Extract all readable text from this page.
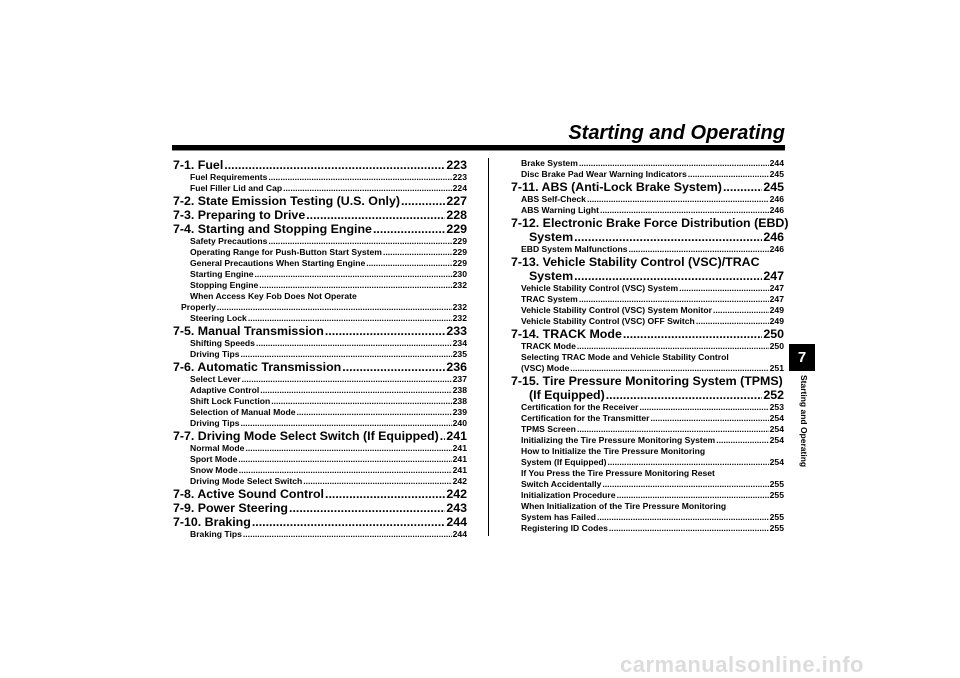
Starting and Operating
7-1. Fuel .....	223
Fuel Requirements .....	223
Fuel Filler Lid and Cap .....	224
7-2. State Emission Testing (U.S. Only) .....	227
7-3. Preparing to Drive .....	228
7-4. Starting and Stopping Engine .....	229
Safety Precautions .....	229
Operating Range for Push-Button Start System .....	229
General Precautions When Starting Engine .....	229
Starting Engine .....	230
Stopping Engine .....	232
When Access Key Fob Does Not Operate
Properly .....	232
Steering Lock .....	232
7-5. Manual Transmission .....	233
Shifting Speeds .....	234
Driving Tips .....	235
7-6. Automatic Transmission .....	236
Select Lever .....	237
Adaptive Control .....	238
Shift Lock Function .....	238
Selection of Manual Mode .....	239
Driving Tips .....	240
7-7. Driving Mode Select Switch (If Equipped) ..... 241
Normal Mode .....	241
Sport Mode .....	241
Snow Mode .....	241
Driving Mode Select Switch .....	242
7-8. Active Sound Control .....	242
7-9. Power Steering .....	243
7-10. Braking .....	244
Braking Tips .....	244
Brake System .....	244
Disc Brake Pad Wear Warning Indicators .....	245
7-11. ABS (Anti-Lock Brake System) .....	245
ABS Self-Check .....	246
ABS Warning Light .....	246
7-12. Electronic Brake Force Distribution (EBD)
System .....	246
EBD System Malfunctions .....	246
7-13. Vehicle Stability Control (VSC)/TRAC
System .....	247
Vehicle Stability Control (VSC) System .....	247
TRAC System .....	247
Vehicle Stability Control (VSC) System Monitor .....	249
Vehicle Stability Control (VSC) OFF Switch .....	249
7-14. TRACK Mode .....	250
TRACK Mode .....	250
Selecting TRAC Mode and Vehicle Stability Control
(VSC) Mode .....	251
7-15. Tire Pressure Monitoring System (TPMS)
(If Equipped) .....	252
Certification for the Receiver .....	253
Certification for the Transmitter .....	254
TPMS Screen .....	254
Initializing the Tire Pressure Monitoring System .....	254
How to Initialize the Tire Pressure Monitoring
System (If Equipped) .....	254
If You Press the Tire Pressure Monitoring Reset
Switch Accidentally .....	255
Initialization Procedure .....	255
When Initialization of the Tire Pressure Monitoring
System has Failed .....	255
Registering ID Codes .....	255
7
Starting and Operating
carmanualsonline.info
